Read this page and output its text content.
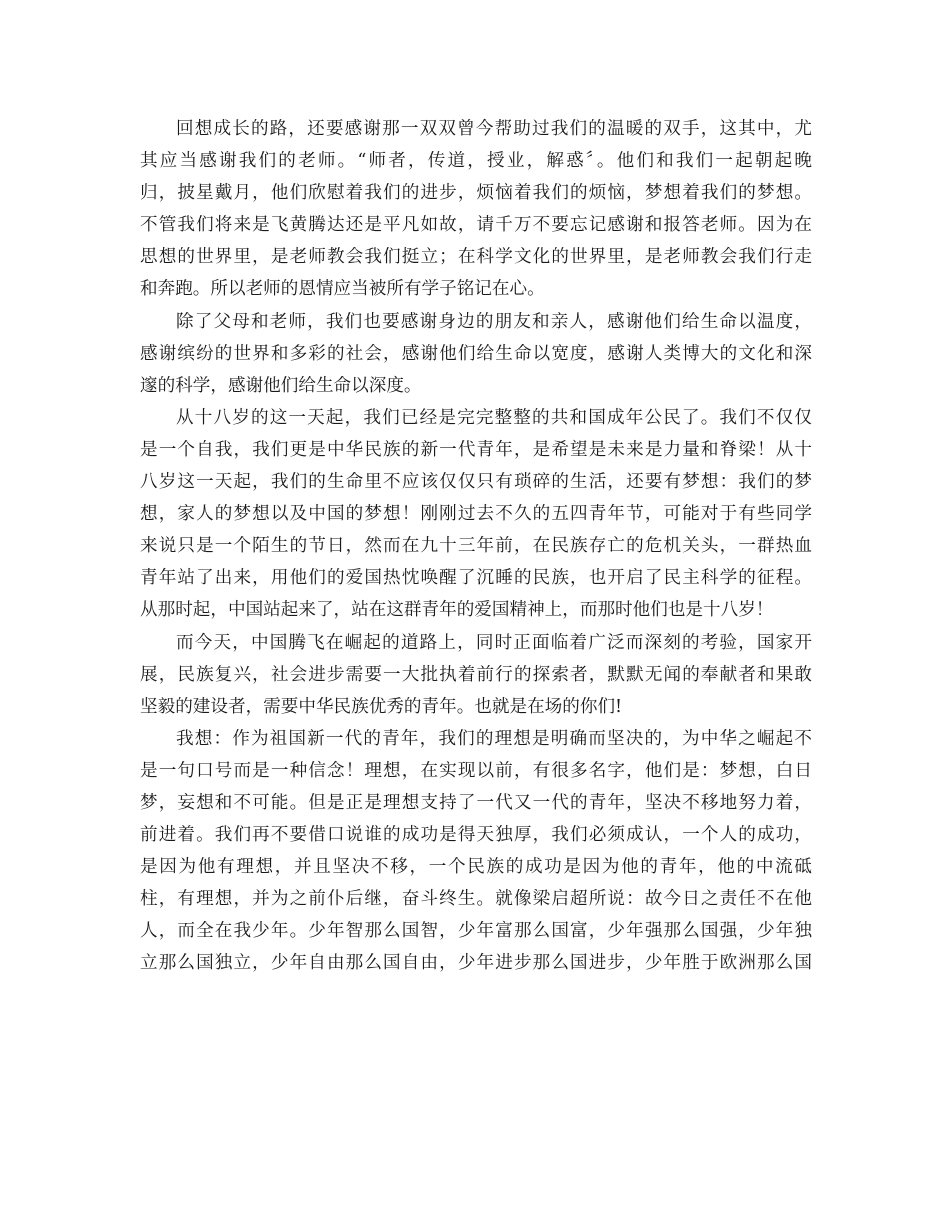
回想成长的路，还要感谢那一双双曾今帮助过我们的温暖的双手，这其中，尤
其应当感谢我们的老师。“师者，传道，授业，解惑〞。他们和我们一起朝起晚
归，披星戴月，他们欣慰着我们的进步，烦恼着我们的烦恼，梦想着我们的梦想。
不管我们将来是飞黄腾达还是平凡如故，请千万不要忘记感谢和报答老师。因为在
思想的世界里，是老师教会我们挺立；在科学文化的世界里，是老师教会我们行走
和奔跑。所以老师的恩情应当被所有学子铭记在心。
除了父母和老师，我们也要感谢身边的朋友和亲人，感谢他们给生命以温度，
感谢缤纷的世界和多彩的社会，感谢他们给生命以宽度，感谢人类博大的文化和深
邃的科学，感谢他们给生命以深度。
从十八岁的这一天起，我们已经是完完整整的共和国成年公民了。我们不仅仅
是一个自我，我们更是中华民族的新一代青年，是希望是未来是力量和脊梁！从十
八岁这一天起，我们的生命里不应该仅仅只有琐碎的生活，还要有梦想：我们的梦
想，家人的梦想以及中国的梦想！刚刚过去不久的五四青年节，可能对于有些同学
来说只是一个陌生的节日，然而在九十三年前，在民族存亡的危机关头，一群热血
青年站了出来，用他们的爱国热忱唤醒了沉睡的民族，也开启了民主科学的征程。
从那时起，中国站起来了，站在这群青年的爱国精神上，而那时他们也是十八岁！
而今天，中国腾飞在崛起的道路上，同时正面临着广泛而深刻的考验，国家开
展，民族复兴，社会进步需要一大批执着前行的探索者，默默无闻的奉献者和果敢
坚毅的建设者，需要中华民族优秀的青年。也就是在场的你们!
我想：作为祖国新一代的青年，我们的理想是明确而坚决的，为中华之崛起不
是一句口号而是一种信念！理想，在实现以前，有很多名字，他们是：梦想，白日
梦，妄想和不可能。但是正是理想支持了一代又一代的青年，坚决不移地努力着，
前进着。我们再不要借口说谁的成功是得天独厚，我们必须成认，一个人的成功，
是因为他有理想，并且坚决不移，一个民族的成功是因为他的青年，他的中流砥
柱，有理想，并为之前仆后继，奋斗终生。就像梁启超所说：故今日之责任不在他
人，而全在我少年。少年智那么国智，少年富那么国富，少年强那么国强，少年独
立那么国独立，少年自由那么国自由，少年进步那么国进步，少年胜于欧洲那么国
